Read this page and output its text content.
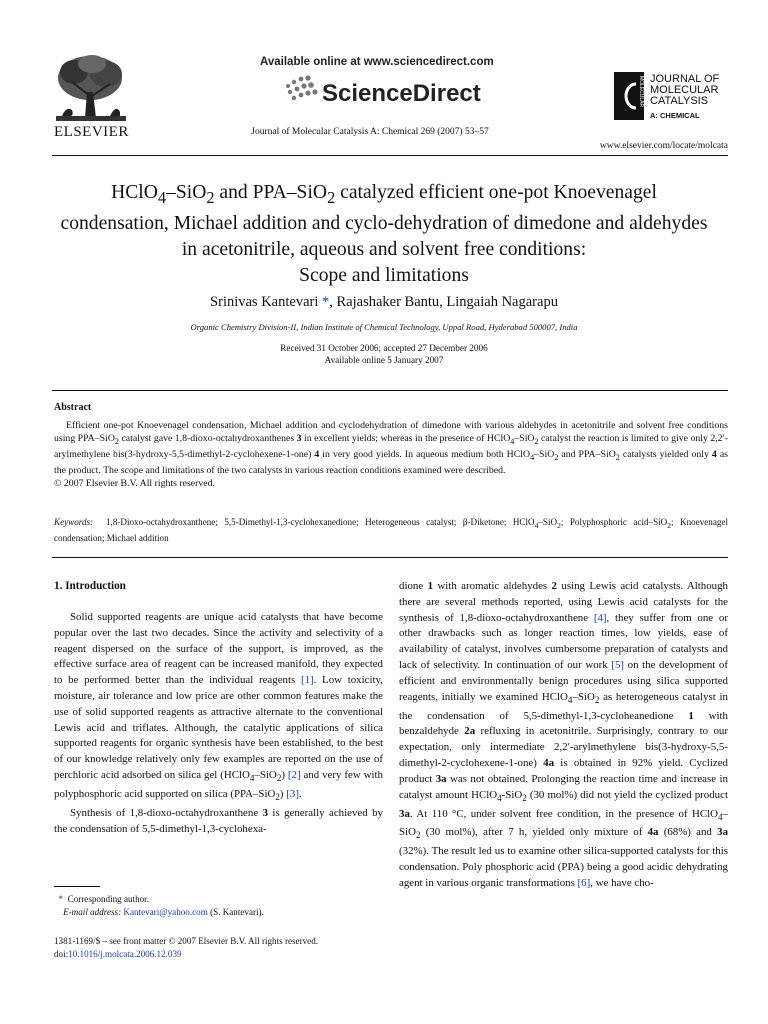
ELSEVIER
Available online at www.sciencedirect.com
ScienceDirect
Journal of Molecular Catalysis A: Chemical 269 (2007) 53–57
MOLECULAR JOURNAL OF
MOLECULAR
CATALYSIS
A: CHEMICAL
www.elsevier.com/locate/molcata
HClO$_4$–SiO$_2$ and PPA–SiO$_2$ catalyzed efficient one-pot Knoevenagel condensation, Michael addition and cyclo-dehydration of dimedone and aldehydes in acetonitrile, aqueous and solvent free conditions:
Scope and limitations
Srinivas Kantevari *, Rajashaker Bantu, Lingaiah Nagarapu
Organic Chemistry Division-II, Indian Institute of Chemical Technology, Uppal Road, Hyderabad 500007, India
Received 31 October 2006; accepted 27 December 2006
Available online 5 January 2007
Abstract

Efficient one-pot Knoevenagel condensation, Michael addition and cyclodehydration of dimedone with various aldehydes in acetonitrile and solvent free conditions using PPA–SiO$_2$ catalyst gave 1,8-dioxo-octahydroxanthenes 3 in excellent yields; whereas in the presence of HClO$_4$–SiO$_2$ catalyst the reaction is limited to give only 2,2′-arylmethylene bis(3-hydroxy-5,5-dimethyl-2-cyclohexene-1-one) 4 in very good yields. In aqueous medium both HClO$_4$–SiO$_2$ and PPA–SiO$_2$ catalysts yielded only 4 as the product. The scope and limitations of the two catalysts in various reaction conditions examined were described.

© 2007 Elsevier B.V. All rights reserved.

Keywords: 1,8-Dioxo-octahydroxanthene; 5,5-Dimethyl-1,3-cyclohexanedione; Heterogeneous catalyst; β-Diketone; HClO$_4$–SiO$_2$; Polyphosphoric acid–SiO$_2$; Knoevenagel condensation; Michael addition
1. Introduction

Solid supported reagents are unique acid catalysts that have become popular over the last two decades. Since the activity and selectivity of a reagent dispersed on the surface of the support, is improved, as the effective surface area of reagent can be increased manifold, they expected to be performed better than the individual reagents [1]. Low toxicity, moisture, air tolerance and low price are other common features make the use of solid supported reagents as attractive alternate to the conventional Lewis acid and triflates. Although, the catalytic applications of silica supported reagents for organic synthesis have been established, to the best of our knowledge relatively only few examples are reported on the use of perchloric acid adsorbed on silica gel (HClO$_4$–SiO$_2$) [2] and very few with polyphosphoric acid supported on silica (PPA–SiO$_2$) [3].

Synthesis of 1,8-dioxo-octahydroxanthene 3 is generally achieved by the condensation of 5,5-dimethyl-1,3-cyclohexa-

dione 1 with aromatic aldehydes 2 using Lewis acid catalysts. Although there are several methods reported, using Lewis acid catalysts for the synthesis of 1,8-dioxo-octahydroxanthene [4], they suffer from one or other drawbacks such as longer reaction times, low yields, ease of availability of catalyst, involves cumbersome preparation of catalysts and lack of selectivity. In continuation of our work [5] on the development of efficient and environmentally benign procedures using silica supported reagents, initially we examined HClO$_4$–SiO$_2$ as heterogeneous catalyst in the condensation of 5,5-dimethyl-1,3-cycloheanedione 1 with benzaldehyde 2a refluxing in acetonitrile. Surprisingly, contrary to our expectation, only intermediate 2,2′-arylmethylene bis(3-hydroxy-5,5-dimethyl-2-cyclohexene-1-one) 4a is obtained in 92% yield. Cyclized product 3a was not obtained. Prolonging the reaction time and increase in catalyst amount HClO$_4$-SiO$_2$ (30 mol%) did not yield the cyclized product 3a. At 110 °C, under solvent free condition, in the presence of HClO$_4$–SiO$_2$ (30 mol%), after 7 h, yielded only mixture of 4a (68%) and 3a (32%). The result led us to examine other silica-supported catalysts for this condensation. Poly phosphoric acid (PPA) being a good acidic dehydrating agent in various organic transformations [6], we have cho-

* Corresponding author.
E-mail address: Kantevari@yahoo.com (S. Kantevari).
1381-1169/$ – see front matter © 2007 Elsevier B.V. All rights reserved.
doi:10.1016/j.molcata.2006.12.039
